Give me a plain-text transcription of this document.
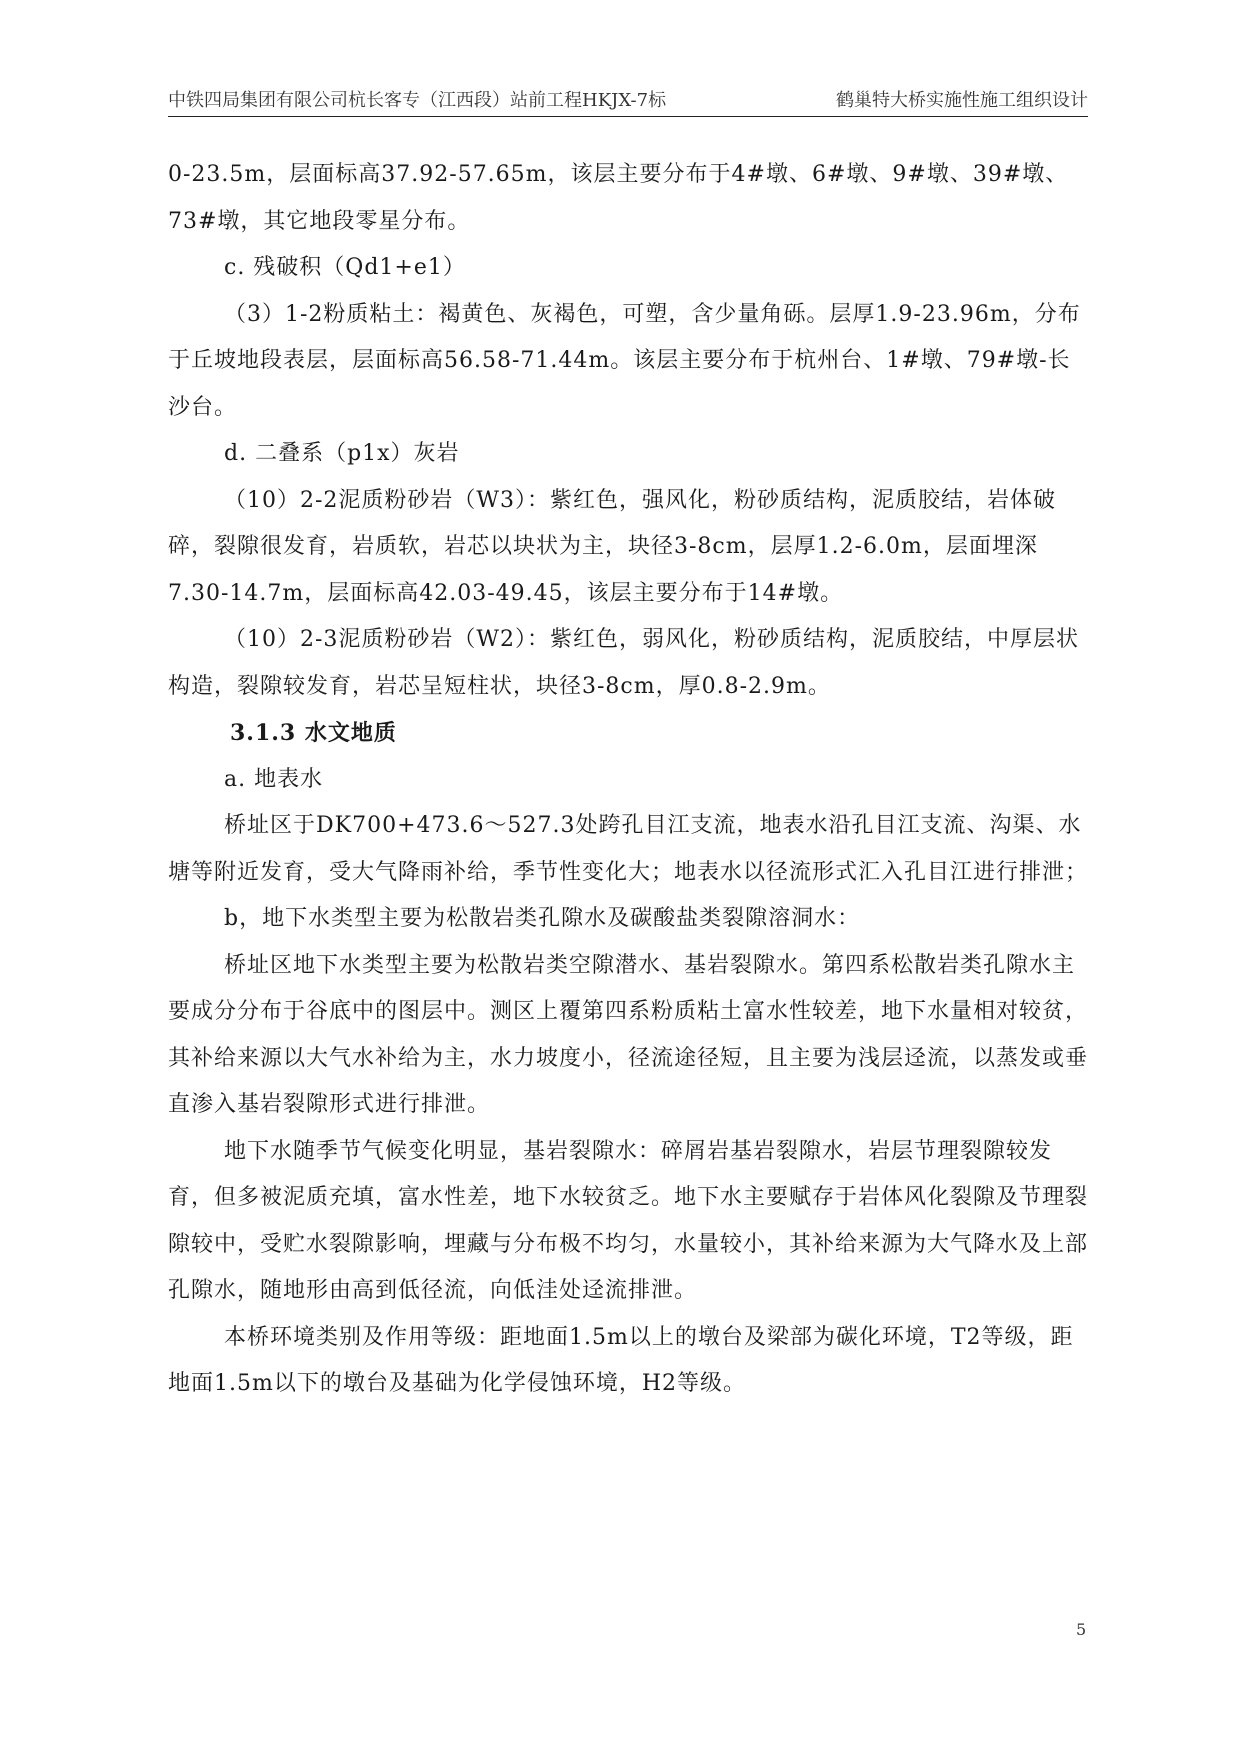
中铁四局集团有限公司杭长客专（江西段）站前工程HKJX-7标	鹤巢特大桥实施性施工组织设计

0-23.5m，层面标高37.92-57.65m，该层主要分布于4#墩、6#墩、9#墩、39#墩、73#墩，其它地段零星分布。

c. 残破积（Qd1+e1）

（3）1-2粉质粘土：褐黄色、灰褐色，可塑，含少量角砾。层厚1.9-23.96m，分布于丘坡地段表层，层面标高56.58-71.44m。该层主要分布于杭州台、1#墩、79#墩-长沙台。

d. 二叠系（p1x）灰岩

（10）2-2泥质粉砂岩（W3）：紫红色，强风化，粉砂质结构，泥质胶结，岩体破碎，裂隙很发育，岩质软，岩芯以块状为主，块径3-8cm，层厚1.2-6.0m，层面埋深7.30-14.7m，层面标高42.03-49.45，该层主要分布于14#墩。

（10）2-3泥质粉砂岩（W2）：紫红色，弱风化，粉砂质结构，泥质胶结，中厚层状构造，裂隙较发育，岩芯呈短柱状，块径3-8cm，厚0.8-2.9m。

3.1.3 水文地质

a. 地表水

桥址区于DK700+473.6～527.3处跨孔目江支流，地表水沿孔目江支流、沟渠、水塘等附近发育，受大气降雨补给，季节性变化大；地表水以径流形式汇入孔目江进行排泄；

b，地下水类型主要为松散岩类孔隙水及碳酸盐类裂隙溶洞水：

桥址区地下水类型主要为松散岩类空隙潜水、基岩裂隙水。第四系松散岩类孔隙水主要成分分布于谷底中的图层中。测区上覆第四系粉质粘土富水性较差，地下水量相对较贫，其补给来源以大气水补给为主，水力坡度小，径流途径短，且主要为浅层迳流，以蒸发或垂直渗入基岩裂隙形式进行排泄。

地下水随季节气候变化明显，基岩裂隙水：碎屑岩基岩裂隙水，岩层节理裂隙较发育，但多被泥质充填，富水性差，地下水较贫乏。地下水主要赋存于岩体风化裂隙及节理裂隙较中，受贮水裂隙影响，埋藏与分布极不均匀，水量较小，其补给来源为大气降水及上部孔隙水，随地形由高到低径流，向低洼处迳流排泄。

本桥环境类别及作用等级：距地面1.5m以上的墩台及梁部为碳化环境，T2等级，距地面1.5m以下的墩台及基础为化学侵蚀环境，H2等级。

5
